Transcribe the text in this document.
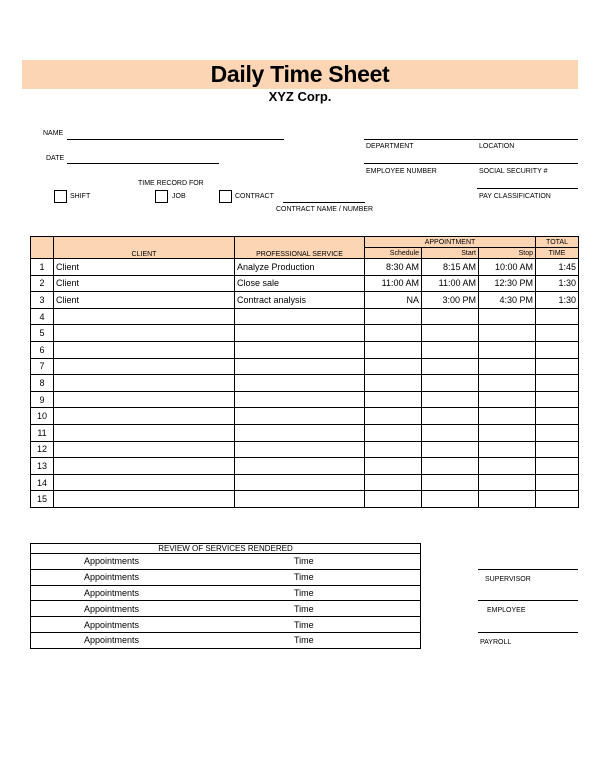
Daily Time Sheet
XYZ Corp.
NAME
DATE
TIME RECORD FOR
SHIFT	JOB	CONTRACT
CONTRACT NAME / NUMBER
DEPARTMENT	LOCATION
EMPLOYEE NUMBER	SOCIAL SECURITY #
PAY CLASSIFICATION
	CLIENT	PROFESSIONAL SERVICE	APPOINTMENT			TOTAL
			Schedule	Start	Stop	TIME
1	Client	Analyze Production	8:30 AM	8:15 AM	10:00 AM	1:45
2	Client	Close sale	11:00 AM	11:00 AM	12:30 PM	1:30
3	Client	Contract analysis	NA	3:00 PM	4:30 PM	1:30
4						
5						
6						
7						
8						
9						
10						
11						
12						
13						
14						
15						
REVIEW OF SERVICES RENDERED
Appointments	Time
Appointments	Time
Appointments	Time
Appointments	Time
Appointments	Time
Appointments	Time
SUPERVISOR
EMPLOYEE
PAYROLL
